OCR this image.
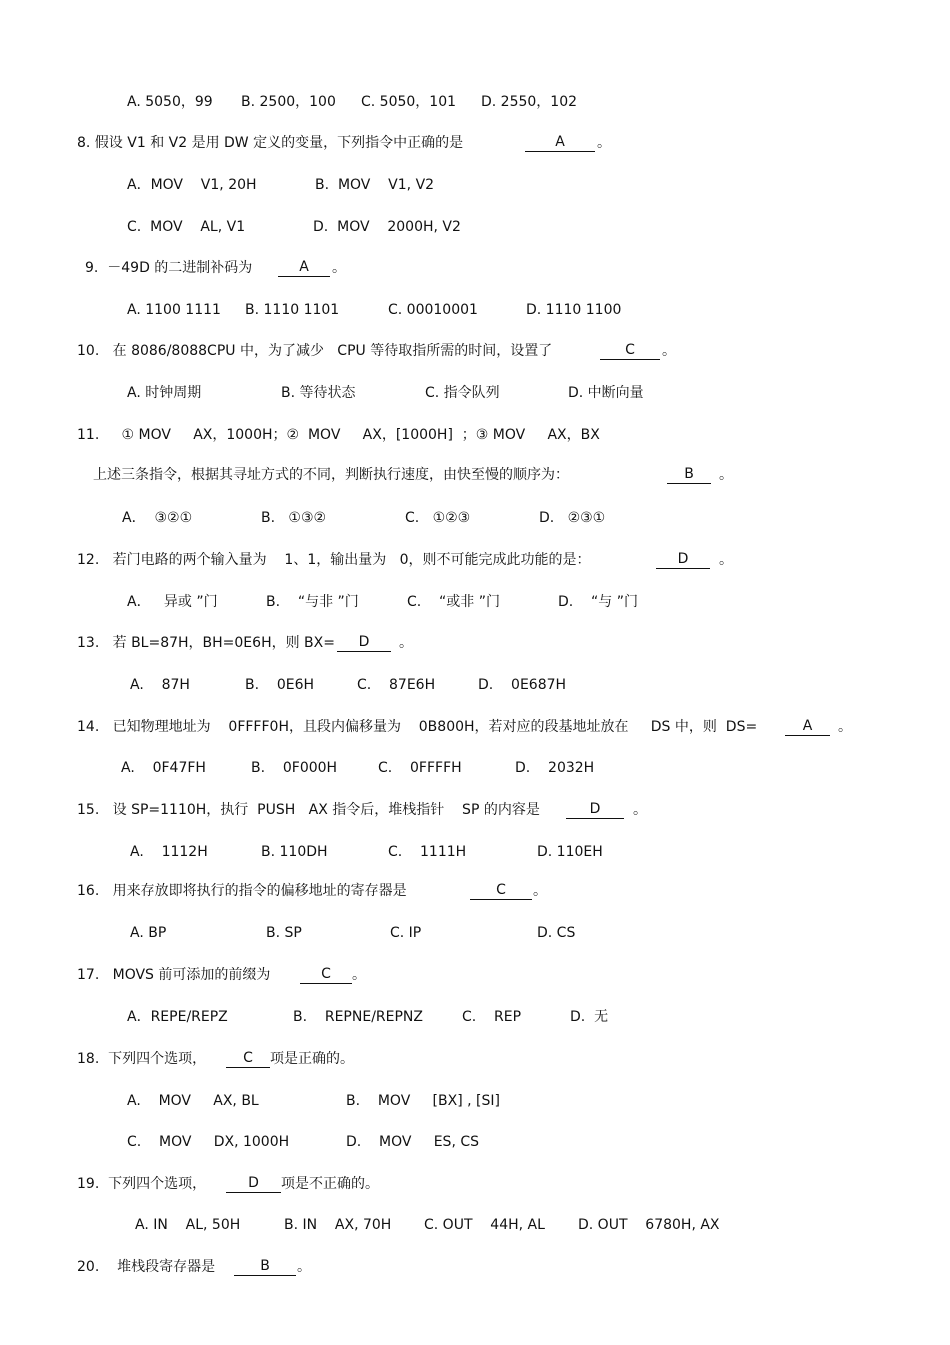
A. 5050，99

B. 2500，100

C. 5050，101

D. 2550，102

8. 假设 V1 和 V2 是用 DW 定义的变量，下列指令中正确的是

	A

	。

A．MOV    V1, 20H

	B.  MOV    V1, V2

C.  MOV    AL, V1

	D.  MOV    2000H, V2

9.  －49D 的二进制补码为

	A

	。

A. 1100 1111

B. 1110 1101

	C. 00010001

	D. 1110 1100

10.   在 8086/8088CPU 中，为了减少   CPU 等待取指所需的时间，设置了

	C

	。

A. 时钟周期

	B. 等待状态

	C. 指令队列

	D. 中断向量

11.     ① MOV     AX，1000H；②  MOV     AX，[1000H]  ；③ MOV     AX，BX

上述三条指令，根据其寻址方式的不同，判断执行速度，由快至慢的顺序为：

	B

	。

A．  ③②①

	B.   ①③②

	C.   ①②③

	D.   ②③①

12.   若门电路的两个输入量为    1、1，输出量为   0，则不可能完成此功能的是：

	D

	。

A．   异或 ”门

	B.    “与非 ”门

	C.    “或非 ”门

	D.    “与 ”门

13.   若 BL=87H，BH=0E6H，则 BX=

	D

	。

A.    87H

	B.    0E6H

	C.    87E6H

	D.    0E687H

14.   已知物理地址为    0FFFF0H，且段内偏移量为    0B800H，若对应的段基地址放在     DS 中，则  DS=

	A

	。

A.    0F47FH

	B.    0F000H

	C.    0FFFFH

	D.    2032H

15.   设 SP=1110H，执行  PUSH   AX 指令后，堆栈指针    SP 的内容是

	D

	。

A.    1112H

	B. 110DH

	C.    1111H

	D. 110EH

16.   用来存放即将执行的指令的偏移地址的寄存器是

	C

	。

A. BP

	B. SP

	C. IP

	D. CS

17.   MOVS 前可添加的前缀为

	C

	。

A．REPE/REPZ

	B.    REPNE/REPNZ

	C.    REP

	D.  无

18.  下列四个选项，

	C

	项是正确的。

A.    MOV     AX, BL

	B.    MOV     [BX] , [SI]

C.    MOV     DX, 1000H

	D.    MOV     ES, CS

19.  下列四个选项，

	D

	项是不正确的。

A. IN    AL, 50H

	B. IN    AX, 70H

C. OUT    44H, AL

D. OUT    6780H, AX

20.    堆栈段寄存器是

	B

	。
